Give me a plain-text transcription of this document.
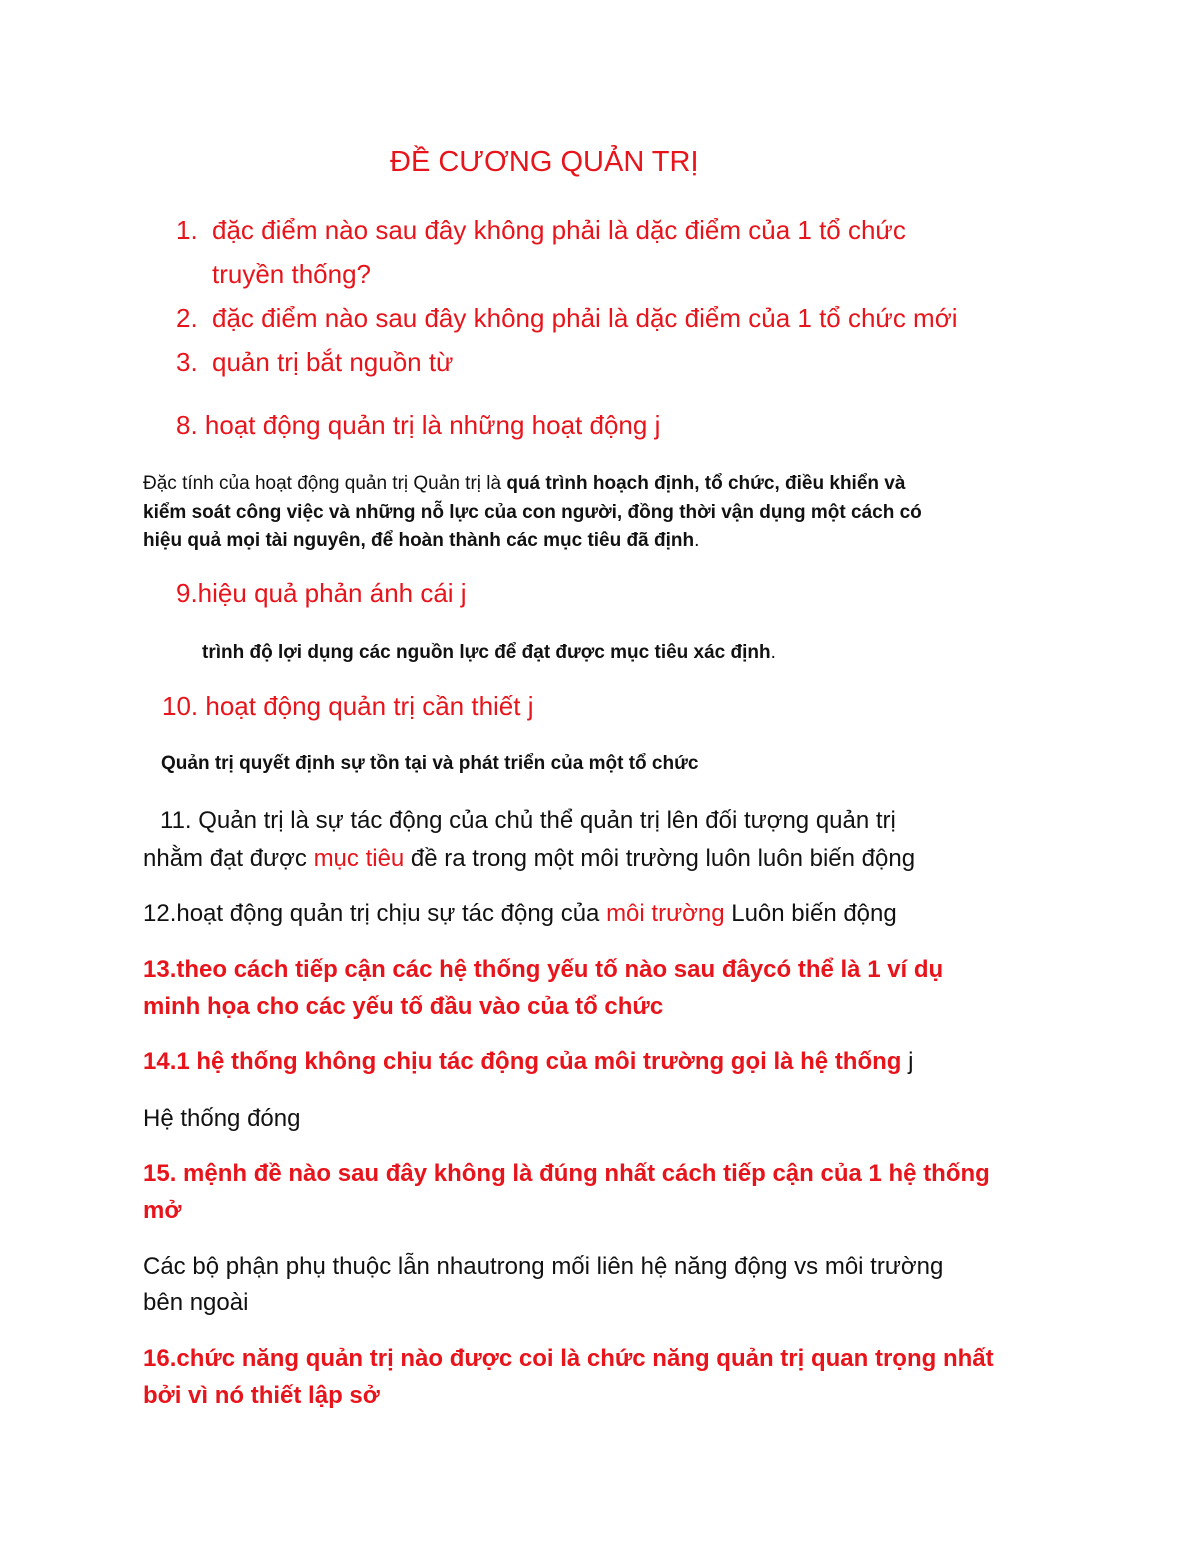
ĐỀ CƯƠNG QUẢN TRỊ
1. đặc điểm nào sau đây không phải là dặc điểm của 1 tổ chức
truyền thống?
2. đặc điểm nào sau đây không phải là dặc điểm của 1 tổ chức mới
3. quản trị bắt nguồn từ
8. hoạt động quản trị là những hoạt động j
Đặc tính của hoạt động quản trị Quản trị là quá trình hoạch định, tổ chức, điều khiển và
kiểm soát công việc và những nỗ lực của con người, đồng thời vận dụng một cách có
hiệu quả mọi tài nguyên, để hoàn thành các mục tiêu đã định.
9.hiệu quả phản ánh cái j
trình độ lợi dụng các nguồn lực để đạt được mục tiêu xác định.
10. hoạt động quản trị cần thiết j
Quản trị quyết định sự tồn tại và phát triển của một tổ chức
11. Quản trị là sự tác động của chủ thể quản trị lên đối tượng quản trị
nhằm đạt được mục tiêu đề ra trong một môi trường luôn luôn biến động
12.hoạt động quản trị chịu sự tác động của môi trường Luôn biến động
13.theo cách tiếp cận các hệ thống yếu tố nào sau đâycó thể là 1 ví dụ
minh họa cho các yếu tố đầu vào của tổ chức
14.1 hệ thống không chịu tác động của môi trường gọi là hệ thống j
Hệ thống đóng
15. mệnh đề nào sau đây không là đúng nhất cách tiếp cận của 1 hệ thống
mở
Các bộ phận phụ thuộc lẫn nhautrong mối liên hệ năng động vs môi trường
bên ngoài
16.chức năng quản trị nào được coi là chức năng quản trị quan trọng nhất
bởi vì nó thiết lập sở
